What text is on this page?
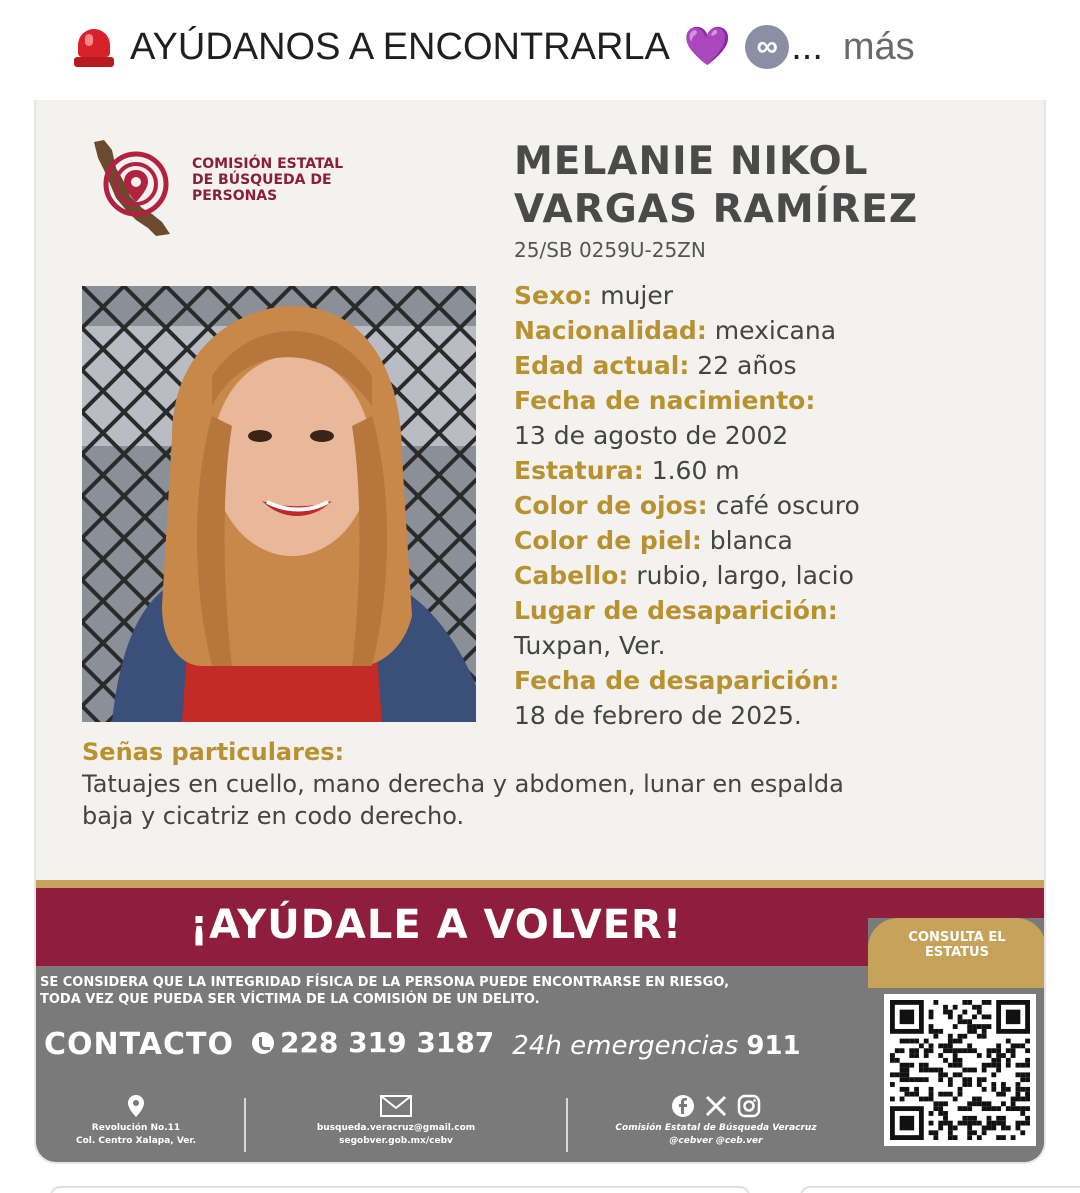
AYÚDANOS A ENCONTRARLA 💜 ∞ ... más
COMISIÓN ESTATAL
DE BÚSQUEDA DE
PERSONAS
MELANIE NIKOL
VARGAS RAMÍREZ
25/SB 0259U-25ZN
Sexo: mujer
Nacionalidad: mexicana
Edad actual: 22 años
Fecha de nacimiento:
13 de agosto de 2002
Estatura: 1.60 m
Color de ojos: café oscuro
Color de piel: blanca
Cabello: rubio, largo, lacio
Lugar de desaparición:
Tuxpan, Ver.
Fecha de desaparición:
18 de febrero de 2025.
Señas particulares:
Tatuajes en cuello, mano derecha y abdomen, lunar en espalda
baja y cicatriz en codo derecho.
¡AYÚDALE A VOLVER!
SE CONSIDERA QUE LA INTEGRIDAD FÍSICA DE LA PERSONA PUEDE ENCONTRARSE EN RIESGO,
TODA VEZ QUE PUEDA SER VÍCTIMA DE LA COMISIÓN DE UN DELITO.
CONTACTO 228 319 3187 24h emergencias 911
Revolución No.11
Col. Centro Xalapa, Ver.
busqueda.veracruz@gmail.com
segobver.gob.mx/cebv
Comisión Estatal de Búsqueda Veracruz
@cebver @ceb.ver
CONSULTA EL
ESTATUS
